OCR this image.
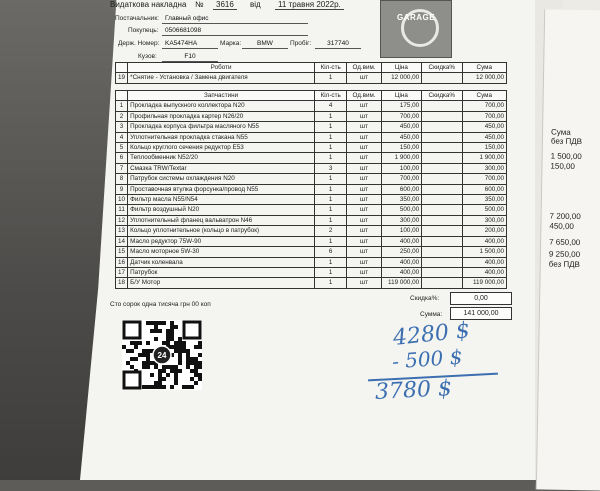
Сума
без ПДВ
1 500,00
150,00
7 200,00
450,00
7 650,00
9 250,00
без ПДВ
Видаткова накладна №	3616	від	11 травня 2022р.
Постачальник: Главный офис
Покупець: 0506681098
Держ. Номер: KA5474HA	Марка:	BMW	Пробіг:	317740
Кузов:	F10
GARAGE
	Роботи	Кіл-сть	Од.вим.	Ціна	Скидка%	Сума
19	*Снятие - Установка / Замена двигателя	1	шт	12 000,00		12 000,00
	Запчастини	Кіл-сть	Од.вим.	Ціна	Скидка%	Сума
1	Прокладка выпускного коллектора N20	4	шт	175,00		700,00
2	Профильная прокладка картер N26/20	1	шт	700,00		700,00
3	Прокладка корпуса фильтра масляного N55	1	шт	450,00		450,00
4	Уплотнительная прокладка стакана N55	1	шт	450,00		450,00
5	Кольцо круглого сечения редуктор E53	1	шт	150,00		150,00
6	Теплообменник N52/20	1	шт	1 900,00		1 900,00
7	Смазка TRW/Textar	3	шт	100,00		300,00
8	Патрубок системы охлаждения N20	1	шт	700,00		700,00
9	Проставочная втулка форсунка/провод N55	1	шт	600,00		600,00
10	Фильтр масла N55/N54	1	шт	350,00		350,00
11	Фильтр воздушный N20	1	шт	500,00		500,00
12	Уплотнительный фланец вальватрон N46	1	шт	300,00		300,00
13	Кольцо уплотнительное (кольцо в патрубок)	2	шт	100,00		200,00
14	Масло редуктор 75W-90	1	шт	400,00		400,00
15	Масло моторное 5W-30	6	шт	250,00		1 500,00
16	Датчик коленвала	1	шт	400,00		400,00
17	Патрубок	1	шт	400,00		400,00
18	Б/У Мотор	1	шт	119 000,00		119 000,00
Скидка%:	0,00
Сумма:	141 000,00
Сто сорок одна тисяча грн 00 коп
24
4280 $
- 500 $
3780 $
